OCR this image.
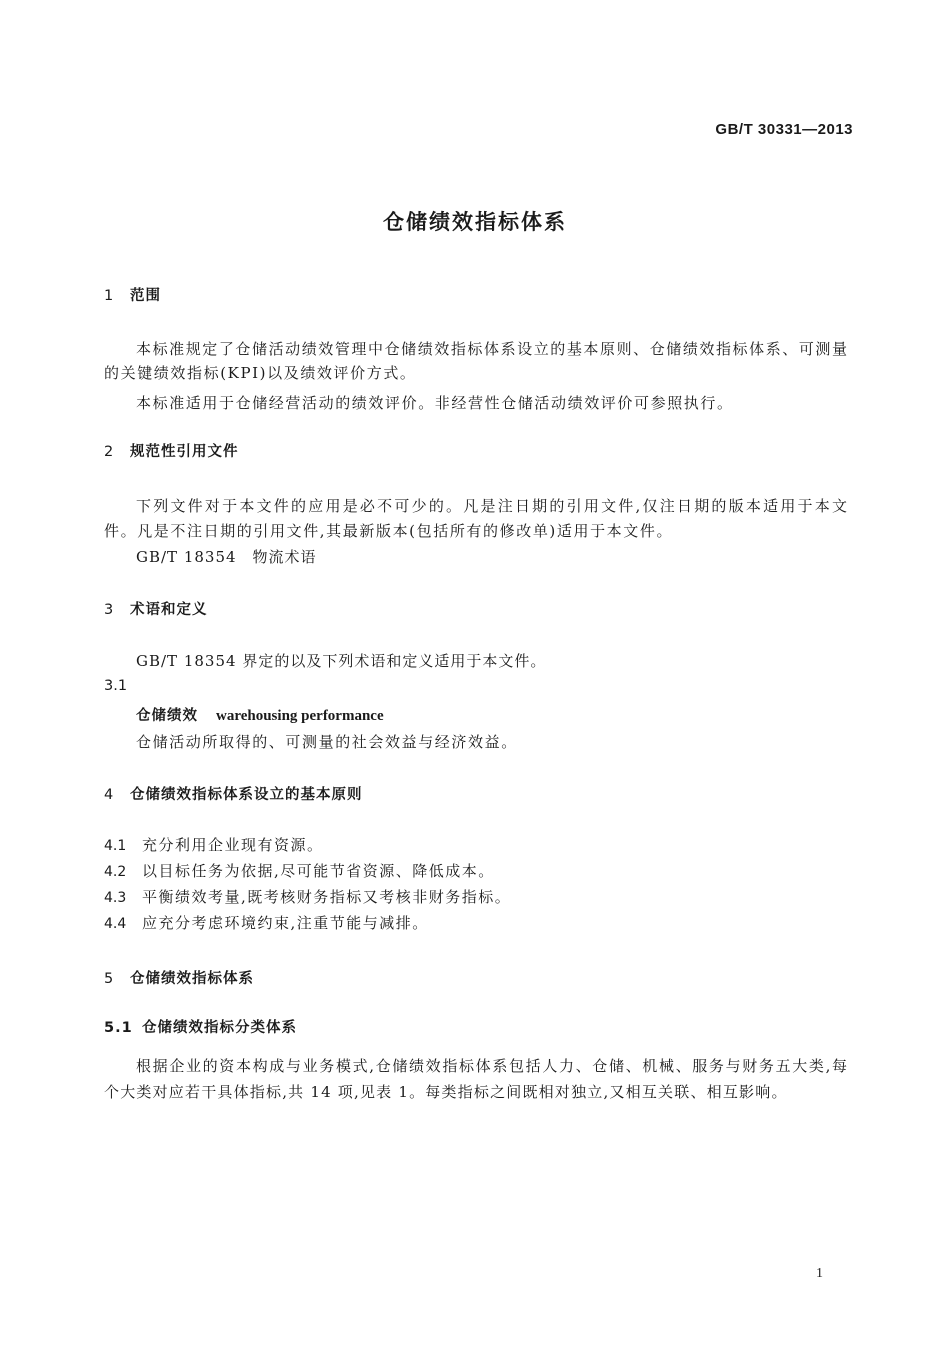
GB/T 30331—2013
仓储绩效指标体系
1 范围
本标准规定了仓储活动绩效管理中仓储绩效指标体系设立的基本原则、仓储绩效指标体系、可测量
的关键绩效指标(KPI)以及绩效评价方式。
本标准适用于仓储经营活动的绩效评价。非经营性仓储活动绩效评价可参照执行。
2 规范性引用文件
下列文件对于本文件的应用是必不可少的。凡是注日期的引用文件,仅注日期的版本适用于本文
件。凡是不注日期的引用文件,其最新版本(包括所有的修改单)适用于本文件。
GB/T 18354　物流术语
3 术语和定义
GB/T 18354 界定的以及下列术语和定义适用于本文件。
3.1
仓储绩效 warehousing performance
仓储活动所取得的、可测量的社会效益与经济效益。
4 仓储绩效指标体系设立的基本原则
4.1 充分利用企业现有资源。
4.2 以目标任务为依据,尽可能节省资源、降低成本。
4.3 平衡绩效考量,既考核财务指标又考核非财务指标。
4.4 应充分考虑环境约束,注重节能与减排。
5 仓储绩效指标体系
5.1 仓储绩效指标分类体系
根据企业的资本构成与业务模式,仓储绩效指标体系包括人力、仓储、机械、服务与财务五大类,每
个大类对应若干具体指标,共 14 项,见表 1。每类指标之间既相对独立,又相互关联、相互影响。
1
